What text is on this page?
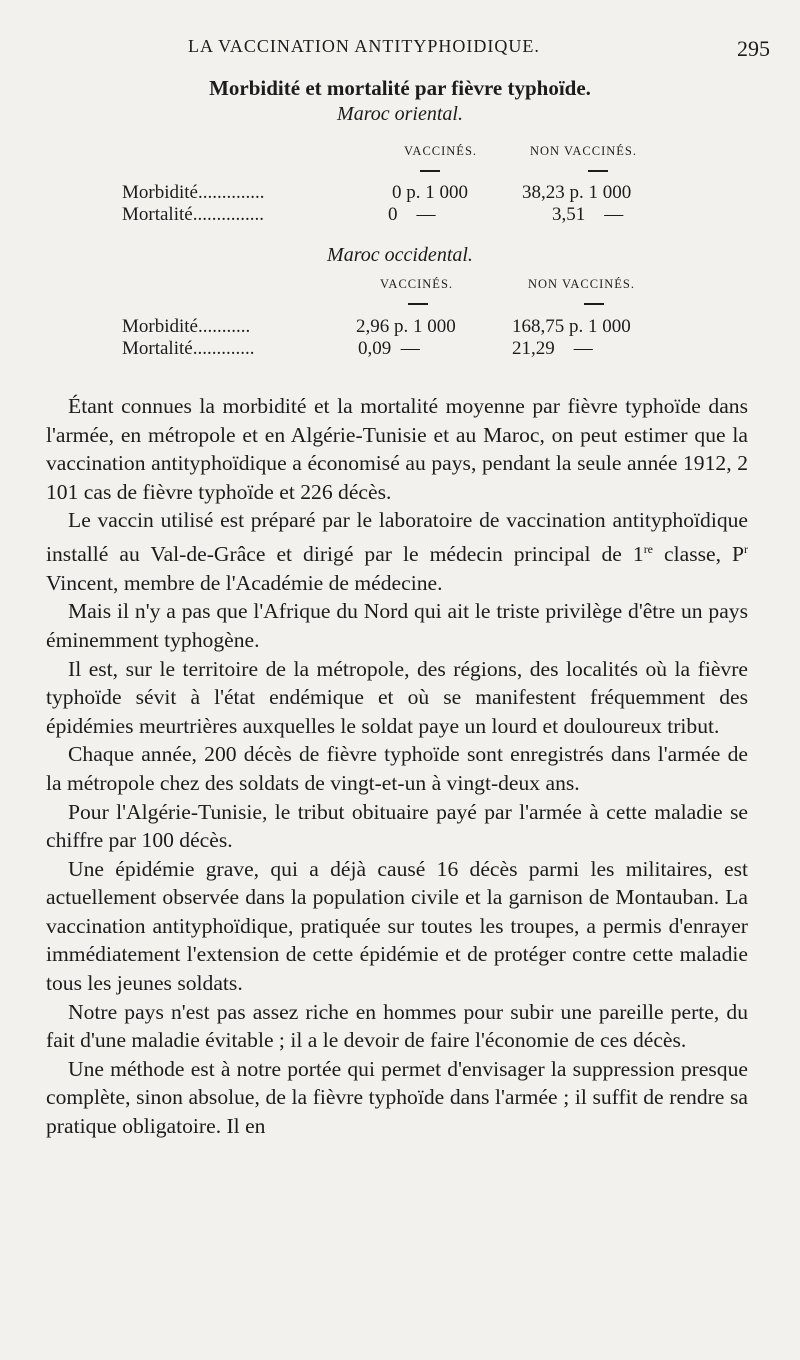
LA VACCINATION ANTITYPHOIDIQUE.	295
Morbidité et mortalité par fièvre typhoïde.
Maroc oriental.
VACCINÉS.	NON VACCINÉS.
Morbidité..............	0 p. 1 000	38,23 p. 1 000
Mortalité...............	0    —	3,51    —
Maroc occidental.
VACCINÉS.	NON VACCINÉS.
Morbidité...........	2,96 p. 1 000	168,75 p. 1 000
Mortalité.............	0,09  —	21,29    —

Étant connues la morbidité et la mortalité moyenne par fièvre typhoïde dans l'armée, en métropole et en Algérie-Tunisie et au Maroc, on peut estimer que la vaccination antityphoïdique a économisé au pays, pendant la seule année 1912, 2 101 cas de fièvre typhoïde et 226 décès.

Le vaccin utilisé est préparé par le laboratoire de vaccination antityphoïdique installé au Val-de-Grâce et dirigé par le médecin principal de 1re classe, $P^r$ Vincent, membre de l'Académie de médecine.

Mais il n'y a pas que l'Afrique du Nord qui ait le triste privilège d'être un pays éminemment typhogène.

Il est, sur le territoire de la métropole, des régions, des localités où la fièvre typhoïde sévit à l'état endémique et où se manifestent fréquemment des épidémies meurtrières auxquelles le soldat paye un lourd et douloureux tribut.

Chaque année, 200 décès de fièvre typhoïde sont enregistrés dans l'armée de la métropole chez des soldats de vingt-et-un à vingt-deux ans.

Pour l'Algérie-Tunisie, le tribut obituaire payé par l'armée à cette maladie se chiffre par 100 décès.

Une épidémie grave, qui a déjà causé 16 décès parmi les militaires, est actuellement observée dans la population civile et la garnison de Montauban. La vaccination antityphoïdique, pratiquée sur toutes les troupes, a permis d'enrayer immédiatement l'extension de cette épidémie et de protéger contre cette maladie tous les jeunes soldats.

Notre pays n'est pas assez riche en hommes pour subir une pareille perte, du fait d'une maladie évitable ; il a le devoir de faire l'économie de ces décès.

Une méthode est à notre portée qui permet d'envisager la suppression presque complète, sinon absolue, de la fièvre typhoïde dans l'armée ; il suffit de rendre sa pratique obligatoire. Il en
